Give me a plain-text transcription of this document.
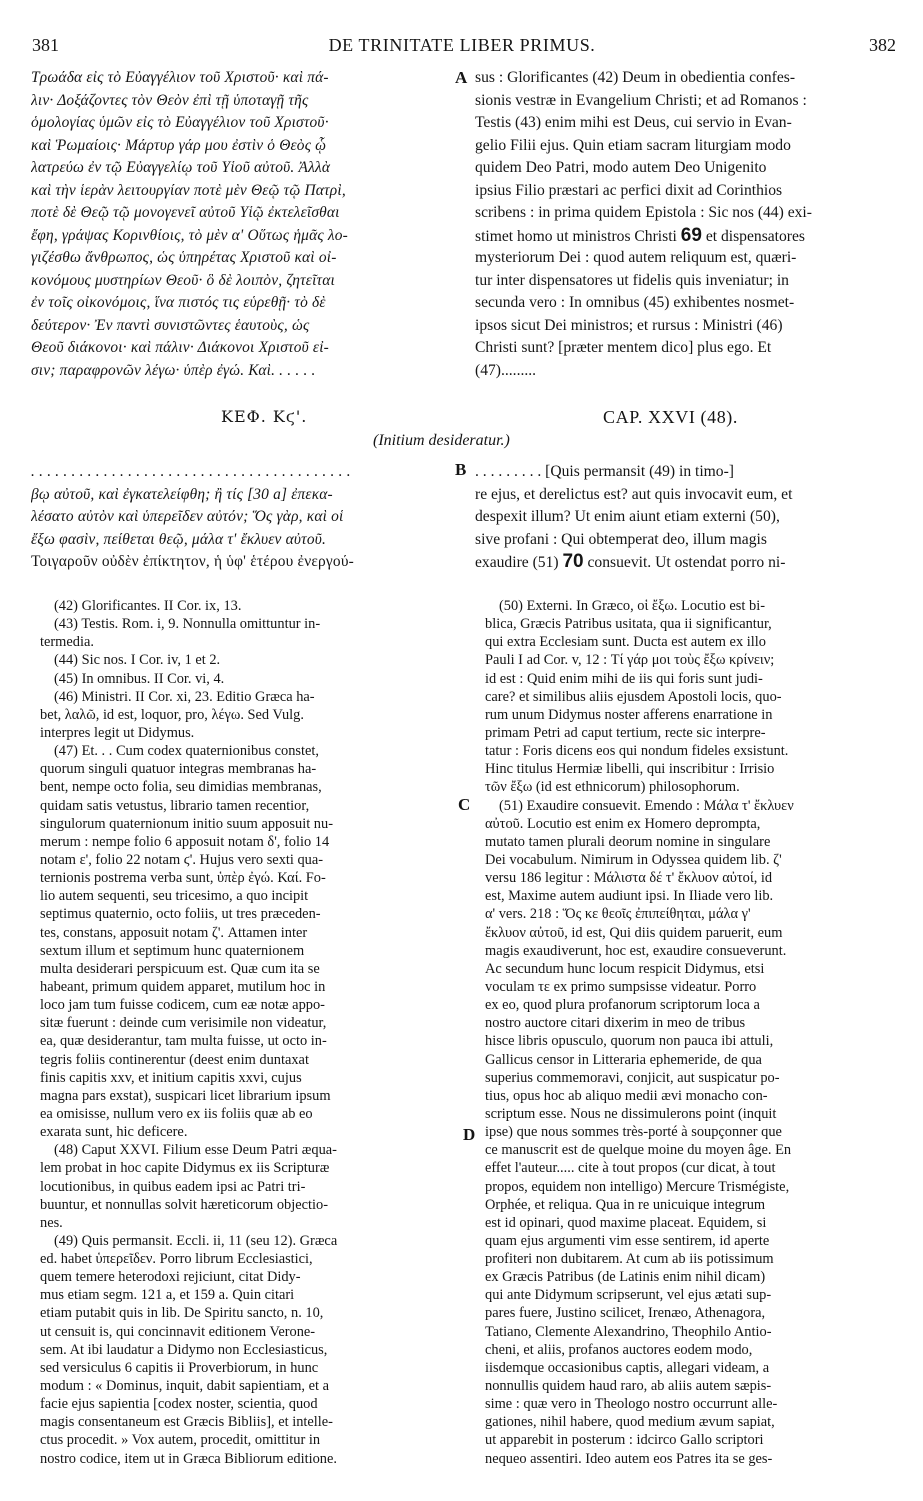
381	DE TRINITATE LIBER PRIMUS.	382
Τρωάδα εἰς τὸ Εὐαγγέλιον τοῦ Χριστοῦ· καὶ πά-
λιν· Δοξάζοντες τὸν Θεὸν ἐπὶ τῇ ὑποταγῇ τῆς
ὁμολογίας ὑμῶν εἰς τὸ Εὐαγγέλιον τοῦ Χριστοῦ·
καὶ Ῥωμαίοις· Μάρτυρ γάρ μου ἐστὶν ὁ Θεὸς ᾧ
λατρεύω ἐν τῷ Εὐαγγελίῳ τοῦ Υἱοῦ αὐτοῦ. Ἀλλὰ
καὶ τὴν ἱερὰν λειτουργίαν ποτὲ μὲν Θεῷ τῷ Πατρὶ,
ποτὲ δὲ Θεῷ τῷ μονογενεῖ αὐτοῦ Υἱῷ ἐκτελεῖσθαι
ἔφη, γράψας Κορινθίοις, τὸ μὲν α' Οὕτως ἡμᾶς λο-
γιζέσθω ἄνθρωπος, ὡς ὑπηρέτας Χριστοῦ καὶ οἰ-
κονόμους μυστηρίων Θεοῦ· ὃ δὲ λοιπὸν, ζητεῖται
ἐν τοῖς οἰκονόμοις, ἵνα πιστός τις εὑρεθῇ· τὸ δὲ
δεύτερον· Ἐν παντὶ συνιστῶντες ἑαυτοὺς, ὡς
Θεοῦ διάκονοι· καὶ πάλιν· Διάκονοι Χριστοῦ εἰ-
σιν; παραφρονῶν λέγω· ὑπὲρ ἐγώ. Καὶ. . . . . .
A sus : Glorificantes (42) Deum in obedientia confes-
sionis vestræ in Evangelium Christi; et ad Romanos :
Testis (43) enim mihi est Deus, cui servio in Evan-
gelio Filii ejus. Quin etiam sacram liturgiam modo
quidem Deo Patri, modo autem Deo Unigenito
ipsius Filio præstari ac perfici dixit ad Corinthios
scribens : in prima quidem Epistola : Sic nos (44) exi-
stimet homo ut ministros Christi 69 et dispensatores
mysteriorum Dei : quod autem reliquum est, quæri-
tur inter dispensatores ut fidelis quis inveniatur; in
secunda vero : In omnibus (45) exhibentes nosmet-
ipsos sicut Dei ministros; et rursus : Ministri (46)
Christi sunt? [præter mentem dico] plus ego. Et
(47).........
ΚΕΦ. Κϛ'.	CAP. XXVI (48).
(Initium desideratur.)
. . . . . . . . . . . . . . . . . . . . . . . . . . . . . . . . . . . . . . . .
βῳ αὐτοῦ, καὶ ἐγκατελείφθη; ἢ τίς [30 a] ἐπεκα-
λέσατο αὐτὸν καὶ ὑπερεῖδεν αὐτόν; Ὅς γὰρ, καὶ οἱ
ἔξω φασὶν, πείθεται θεῷ, μάλα τ' ἔκλυεν αὐτοῦ.
Τοιγαροῦν οὐδὲν ἐπίκτητον, ἡ ὑφ' ἑτέρου ἐνεργού-
B . . . . . . . . . [Quis permansit (49) in timo-]
re ejus, et derelictus est? aut quis invocavit eum, et
despexit illum? Ut enim aiunt etiam externi (50),
sive profani : Qui obtemperat deo, illum magis
exaudire (51) 70 consuevit. Ut ostendat porro ni-
(42) Glorificantes. II Cor. ix, 13.
(43) Testis. Rom. i, 9. Nonnulla omittuntur in-
termedia.
(44) Sic nos. I Cor. iv, 1 et 2.
(45) In omnibus. II Cor. vi, 4.
(46) Ministri. II Cor. xi, 23. Editio Græca ha-
bet, λαλῶ, id est, loquor, pro, λέγω. Sed Vulg.
interpres legit ut Didymus.
(47) Et. . . Cum codex quaternionibus constet,
quorum singuli quatuor integras membranas ha-
bent, nempe octo folia, seu dimidias membranas,
quidam satis vetustus, librario tamen recentior,
singulorum quaternionum initio suum apposuit nu-
merum : nempe folio 6 apposuit notam δ', folio 14
notam ε', folio 22 notam ϛ'. Hujus vero sexti qua-
ternionis postrema verba sunt, ὑπὲρ ἐγώ. Καί. Fo-
lio autem sequenti, seu tricesimo, a quo incipit
septimus quaternio, octo foliis, ut tres præceden-
tes, constans, apposuit notam ζ'. Attamen inter
sextum illum et septimum hunc quaternionem
multa desiderari perspicuum est. Quæ cum ita se
habeant, primum quidem apparet, mutilum hoc in
loco jam tum fuisse codicem, cum eæ notæ appo-
sitæ fuerunt : deinde cum verisimile non videatur,
ea, quæ desiderantur, tam multa fuisse, ut octo in-
tegris foliis continerentur (deest enim duntaxat
finis capitis xxv, et initium capitis xxvi, cujus
magna pars exstat), suspicari licet librarium ipsum
ea omisisse, nullum vero ex iis foliis quæ ab eo
exarata sunt, hic deficere.
(48) Caput XXVI. Filium esse Deum Patri æqua-
lem probat in hoc capite Didymus ex iis Scripturæ
locutionibus, in quibus eadem ipsi ac Patri tri-
buuntur, et nonnullas solvit hæreticorum objectio-
nes.
(49) Quis permansit. Eccli. ii, 11 (seu 12). Græca
ed. habet ὑπερεῖδεν. Porro librum Ecclesiastici,
quem temere heterodoxi rejiciunt, citat Didy-
mus etiam segm. 121 a, et 159 a. Quin citari
etiam putabit quis in lib. De Spiritu sancto, n. 10,
ut censuit is, qui concinnavit editionem Verone-
sem. At ibi laudatur a Didymo non Ecclesiasticus,
sed versiculus 6 capitis ii Proverbiorum, in hunc
modum : « Dominus, inquit, dabit sapientiam, et a
facie ejus sapientia [codex noster, scientia, quod
magis consentaneum est Græcis Bibliis], et intelle-
ctus procedit. » Vox autem, procedit, omittitur in
nostro codice, item ut in Græca Bibliorum editione.
C
D
(50) Externi. In Græco, οἱ ἔξω. Locutio est bi-
blica, Græcis Patribus usitata, qua ii significantur,
qui extra Ecclesiam sunt. Ducta est autem ex illo
Pauli I ad Cor. v, 12 : Τί γάρ μοι τοὺς ἔξω κρίνειν;
id est : Quid enim mihi de iis qui foris sunt judi-
care? et similibus aliis ejusdem Apostoli locis, quo-
rum unum Didymus noster afferens enarratione in
primam Petri ad caput tertium, recte sic interpre-
tatur : Foris dicens eos qui nondum fideles exsistunt.
Hinc titulus Hermiæ libelli, qui inscribitur : Irrisio
τῶν ἔξω (id est ethnicorum) philosophorum.
(51) Exaudire consuevit. Emendo : Μάλα τ' ἔκλυεν
αὐτοῦ. Locutio est enim ex Homero deprompta,
mutato tamen plurali deorum nomine in singulare
Dei vocabulum. Nimirum in Odyssea quidem lib. ζ'
versu 186 legitur : Μάλιστα δέ τ' ἔκλυον αὐτοί, id
est, Maxime autem audiunt ipsi. In Iliade vero lib.
α' vers. 218 : Ὅς κε θεοῖς ἐπιπείθηται, μάλα γ'
ἔκλυον αὐτοῦ, id est, Qui diis quidem paruerit, eum
magis exaudiverunt, hoc est, exaudire consueverunt.
Ac secundum hunc locum respicit Didymus, etsi
voculam τε ex primo sumpsisse videatur. Porro
ex eo, quod plura profanorum scriptorum loca a
nostro auctore citari dixerim in meo de tribus
hisce libris opusculo, quorum non pauca ibi attuli,
Gallicus censor in Litteraria ephemeride, de qua
superius commemoravi, conjicit, aut suspicatur po-
tius, opus hoc ab aliquo medii ævi monacho con-
scriptum esse. Nous ne dissimulerons point (inquit
ipse) que nous sommes très-porté à soupçonner que
ce manuscrit est de quelque moine du moyen âge. En
effet l'auteur..... cite à tout propos (cur dicat, à tout
propos, equidem non intelligo) Mercure Trismégiste,
Orphée, et reliqua. Qua in re unicuique integrum
est id opinari, quod maxime placeat. Equidem, si
quam ejus argumenti vim esse sentirem, id aperte
profiteri non dubitarem. At cum ab iis potissimum
ex Græcis Patribus (de Latinis enim nihil dicam)
qui ante Didymum scripserunt, vel ejus ætati sup-
pares fuere, Justino scilicet, Irenæo, Athenagora,
Tatiano, Clemente Alexandrino, Theophilo Antio-
cheni, et aliis, profanos auctores eodem modo,
iisdemque occasionibus captis, allegari videam, a
nonnullis quidem haud raro, ab aliis autem sæpis-
sime : quæ vero in Theologo nostro occurrunt alle-
gationes, nihil habere, quod medium ævum sapiat,
ut apparebit in posterum : idcirco Gallo scriptori
nequeo assentiri. Ideo autem eos Patres ita se ges-
